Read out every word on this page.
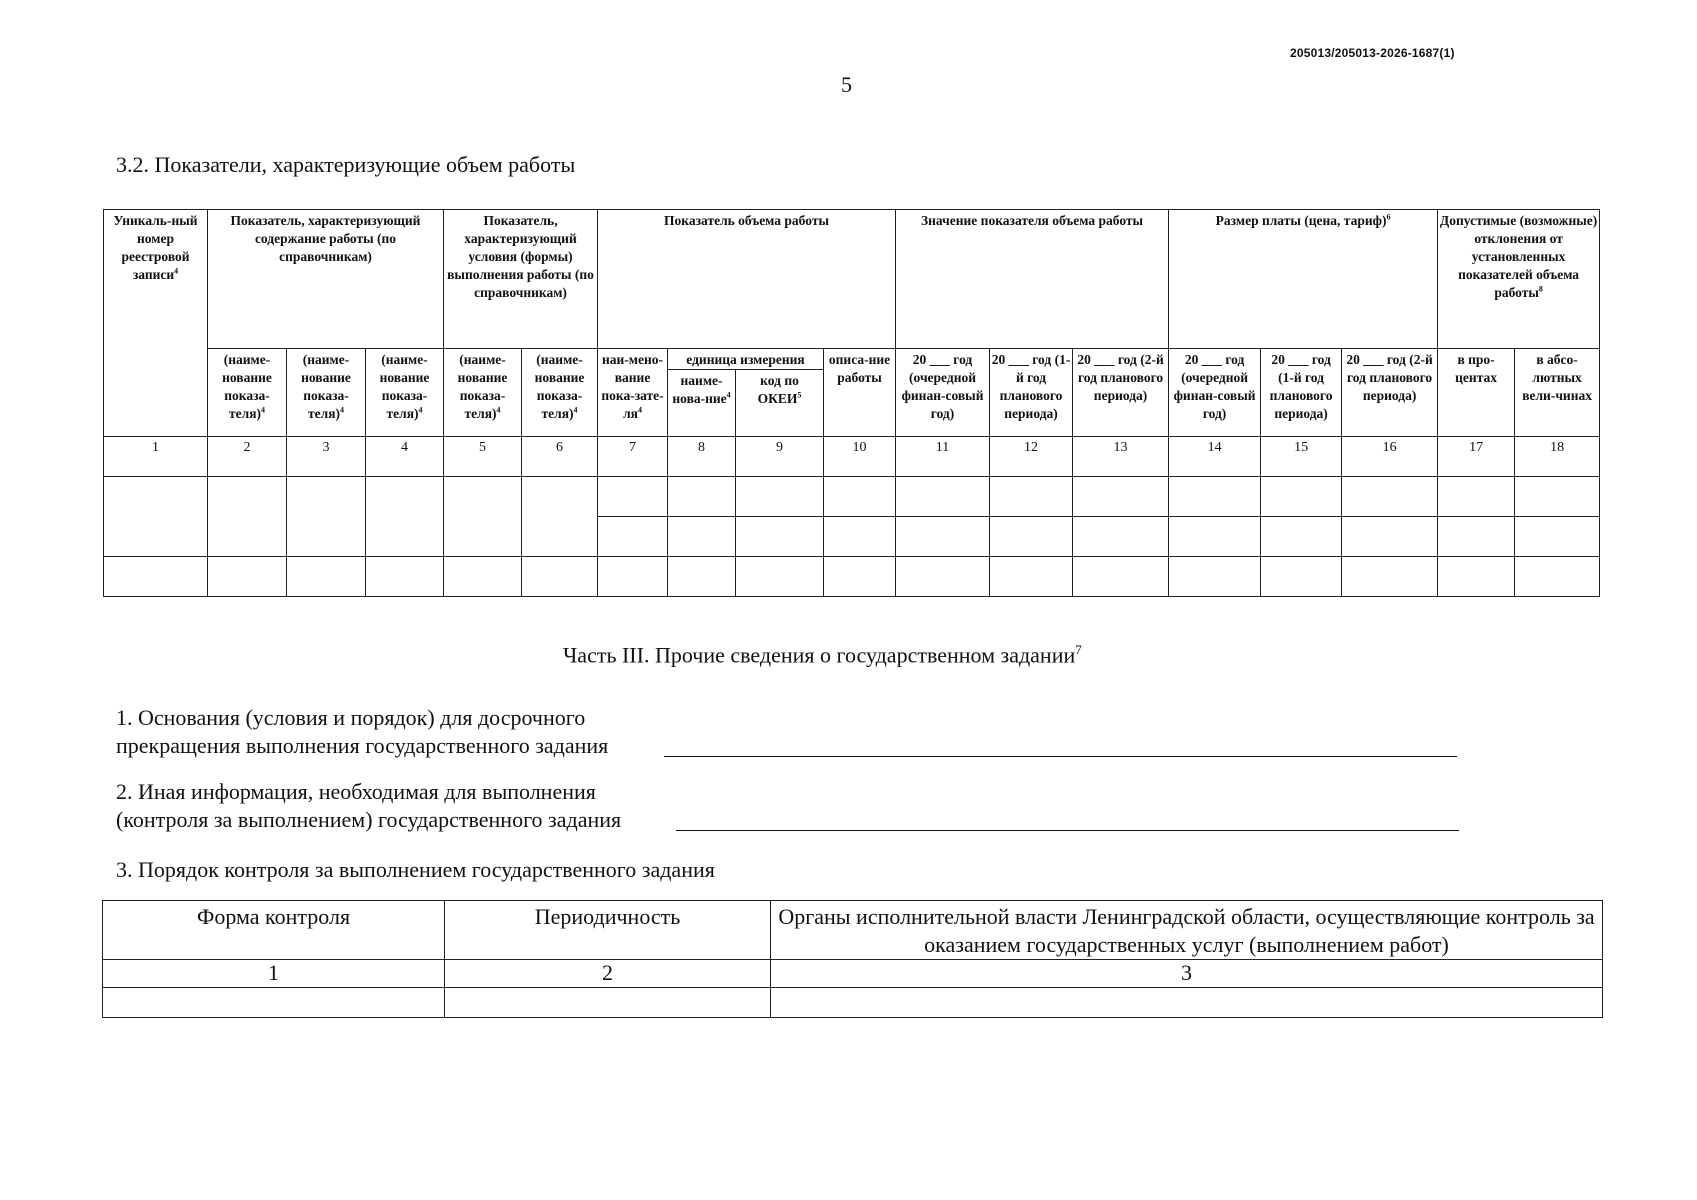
205013/205013-2026-1687(1)
5
3.2. Показатели, характеризующие объем работы
Уникаль-ный номер реестровой записи$^4$	Показатель, характеризующий содержание работы (по справочникам)			Показатель, характеризующий условия (формы) выполнения работы (по справочникам)		Показатель объема работы				Значение показателя объема работы			Размер платы (цена, тариф)$^6$			Допустимые (возможные) отклонения от установленных показателей объема работы$^8$
	(наиме-нование показа-теля)$^4$	(наиме-нование показа-теля)$^4$	(наиме-нование показа-теля)$^4$	(наиме-нование показа-теля)$^4$	(наиме-нование показа-теля)$^4$	наи-мено-вание пока-$зате-ля^4$	единица измерения		описа-ние работы	20 ___ год (очередной финан-совый год)	20 ___ год (1-й год планового периода)	20 ___ год (2-й год планового периода)	20 ___ год (очередной финан-совый год)	20 ___ год (1-й год планового периода)	20 ___ год (2-й год планового периода)	в про-центах	в абсо-лютных вели-чинах
							наиме-нова-ние$^4$	код по ОКЕИ$^5$
1	2	3	4	5	6	7	8	9	10	11	12	13	14	15	16	17	18

Часть III. Прочие сведения о государственном задании$^7$
1. Основания (условия и порядок) для досрочного
прекращения выполнения государственного задания
2. Иная информация, необходимая для выполнения
(контроля за выполнением) государственного задания
3. Порядок контроля за выполнением государственного задания
Форма контроля	Периодичность	Органы исполнительной власти Ленинградской области, осуществляющие контроль за оказанием государственных услуг (выполнением работ)
1	2	3
